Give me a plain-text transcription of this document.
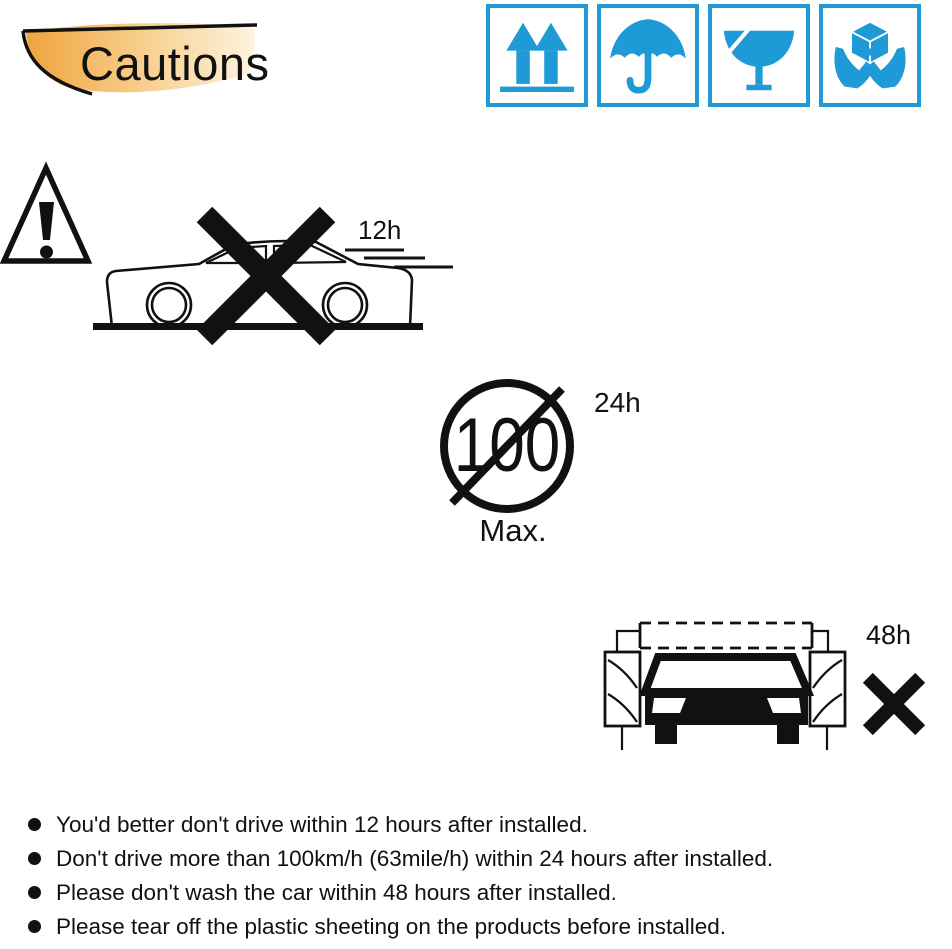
Cautions
12h
100
24h
Max.
48h
You'd better don't drive within 12 hours after installed.
Don't drive more than 100km/h (63mile/h) within 24 hours after installed.
Please don't wash the car within 48 hours after installed.
Please tear off the plastic sheeting on the products before installed.
